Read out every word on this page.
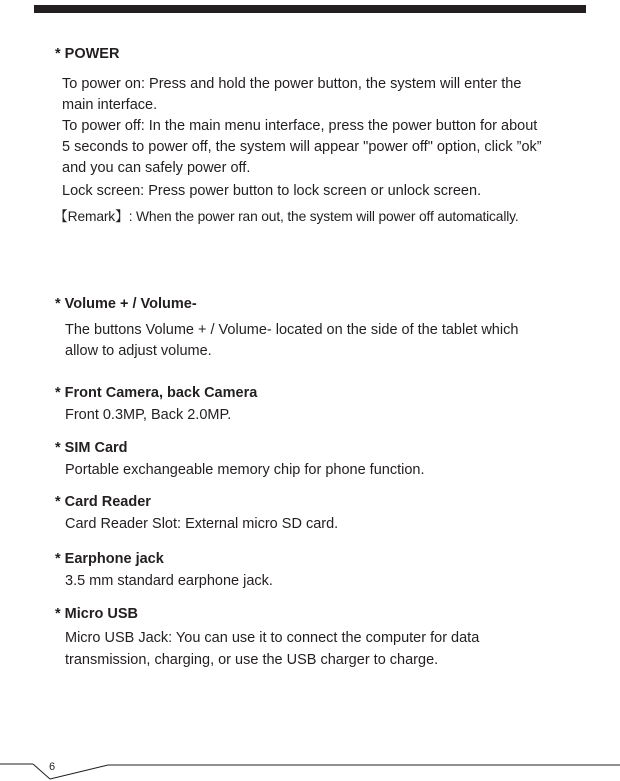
* POWER

To power on: Press and hold the power button, the system will enter the

main interface.

To power off: In the main menu interface, press the power button for about

5 seconds to power off, the system will appear "power off" option, click ”ok”

and you can safely power off.

Lock screen: Press power button to lock screen or unlock screen.

【Remark】: When the power ran out, the system will power off automatically.

* Volume + / Volume-

The buttons Volume + / Volume- located on the side of the tablet which

allow to adjust volume.

* Front Camera, back Camera

Front 0.3MP, Back 2.0MP.

* SIM Card

Portable exchangeable memory chip for phone function.

* Card Reader

Card Reader Slot: External micro SD card.

* Earphone jack

3.5 mm standard earphone jack.

* Micro USB

Micro USB Jack: You can use it to connect the computer for data

transmission, charging, or use the USB charger to charge.

6
